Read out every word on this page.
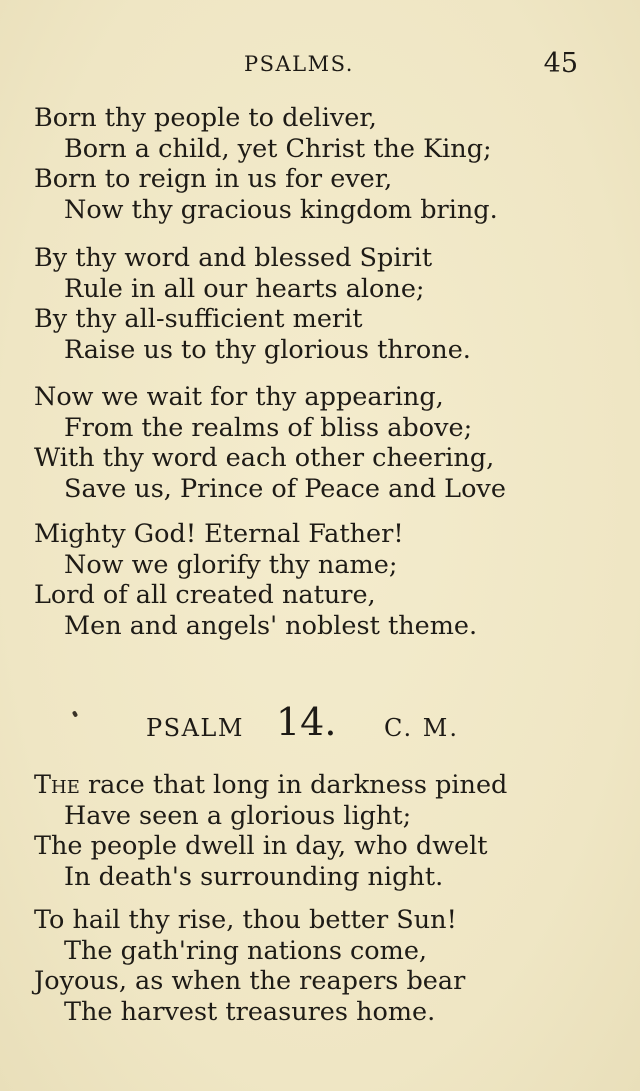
PSALMS.	45
Born thy people to deliver,
Born a child, yet Christ the King;
Born to reign in us for ever,
Now thy gracious kingdom bring.
By thy word and blessed Spirit
Rule in all our hearts alone;
By thy all-sufficient merit
Raise us to thy glorious throne.
Now we wait for thy appearing,
From the realms of bliss above;
With thy word each other cheering,
Save us, Prince of Peace and Love
Mighty God! Eternal Father!
Now we glorify thy name;
Lord of all created nature,
Men and angels' noblest theme.
PSALM 14. C. M.
The race that long in darkness pined
Have seen a glorious light;
The people dwell in day, who dwelt
In death's surrounding night.
To hail thy rise, thou better Sun!
The gath'ring nations come,
Joyous, as when the reapers bear
The harvest treasures home.
